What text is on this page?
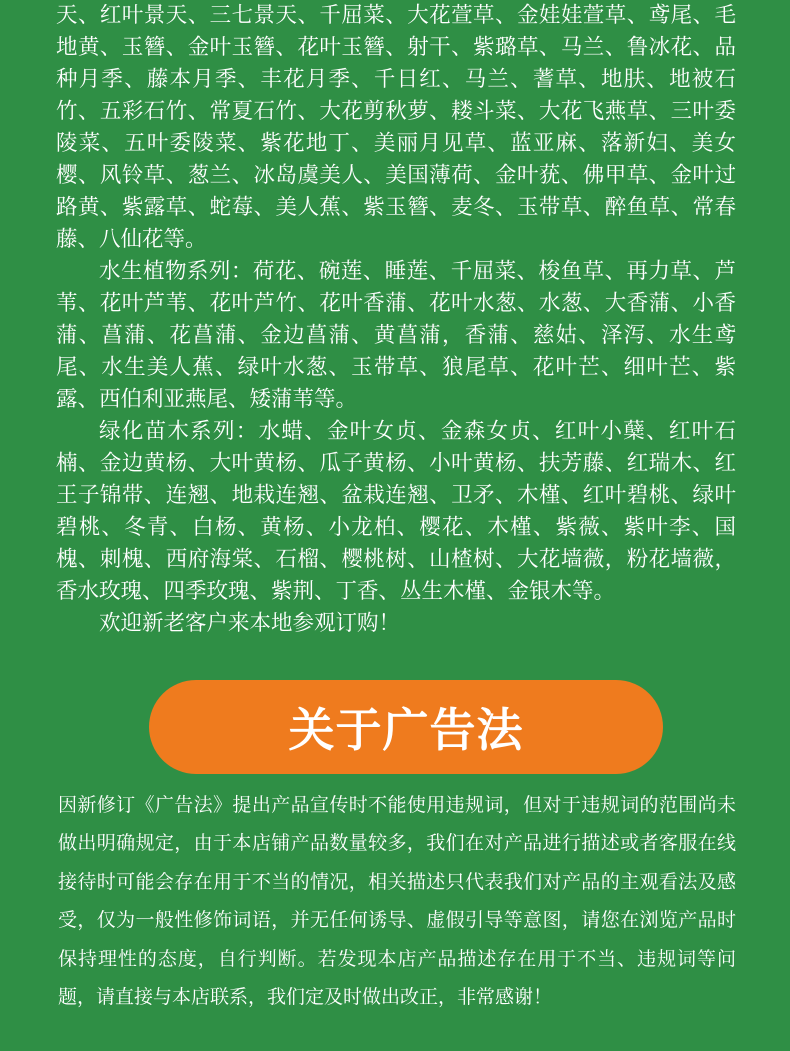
天、红叶景天、三七景天、千屈菜、大花萱草、金娃娃萱草、鸢尾、毛地黄、玉簪、金叶玉簪、花叶玉簪、射干、紫璐草、马兰、鲁冰花、品种月季、藤本月季、丰花月季、千日红、马兰、蓍草、地肤、地被石竹、五彩石竹、常夏石竹、大花剪秋萝、耧斗菜、大花飞燕草、三叶委陵菜、五叶委陵菜、紫花地丁、美丽月见草、蓝亚麻、落新妇、美女樱、风铃草、葱兰、冰岛虞美人、美国薄荷、金叶莸、佛甲草、金叶过路黄、紫露草、蛇莓、美人蕉、紫玉簪、麦冬、玉带草、醉鱼草、常春藤、八仙花等。

水生植物系列：荷花、碗莲、睡莲、千屈菜、梭鱼草、再力草、芦苇、花叶芦苇、花叶芦竹、花叶香蒲、花叶水葱、水葱、大香蒲、小香蒲、菖蒲、花菖蒲、金边菖蒲、黄菖蒲，香蒲、慈姑、泽泻、水生鸢尾、水生美人蕉、绿叶水葱、玉带草、狼尾草、花叶芒、细叶芒、紫露、西伯利亚燕尾、矮蒲苇等。

绿化苗木系列：水蜡、金叶女贞、金森女贞、红叶小蘖、红叶石楠、金边黄杨、大叶黄杨、瓜子黄杨、小叶黄杨、扶芳藤、红瑞木、红王子锦带、连翘、地栽连翘、盆栽连翘、卫矛、木槿、红叶碧桃、绿叶碧桃、冬青、白杨、黄杨、小龙柏、樱花、木槿、紫薇、紫叶李、国槐、刺槐、西府海棠、石榴、樱桃树、山楂树、大花墙薇，粉花墙薇，香水玫瑰、四季玫瑰、紫荆、丁香、丛生木槿、金银木等。

欢迎新老客户来本地参观订购！

关于广告法

因新修订《广告法》提出产品宣传时不能使用违规词，但对于违规词的范围尚未做出明确规定，由于本店铺产品数量较多，我们在对产品进行描述或者客服在线接待时可能会存在用于不当的情况，相关描述只代表我们对产品的主观看法及感受，仅为一般性修饰词语，并无任何诱导、虚假引导等意图，请您在浏览产品时保持理性的态度，自行判断。若发现本店产品描述存在用于不当、违规词等问题，请直接与本店联系，我们定及时做出改正，非常感谢！
